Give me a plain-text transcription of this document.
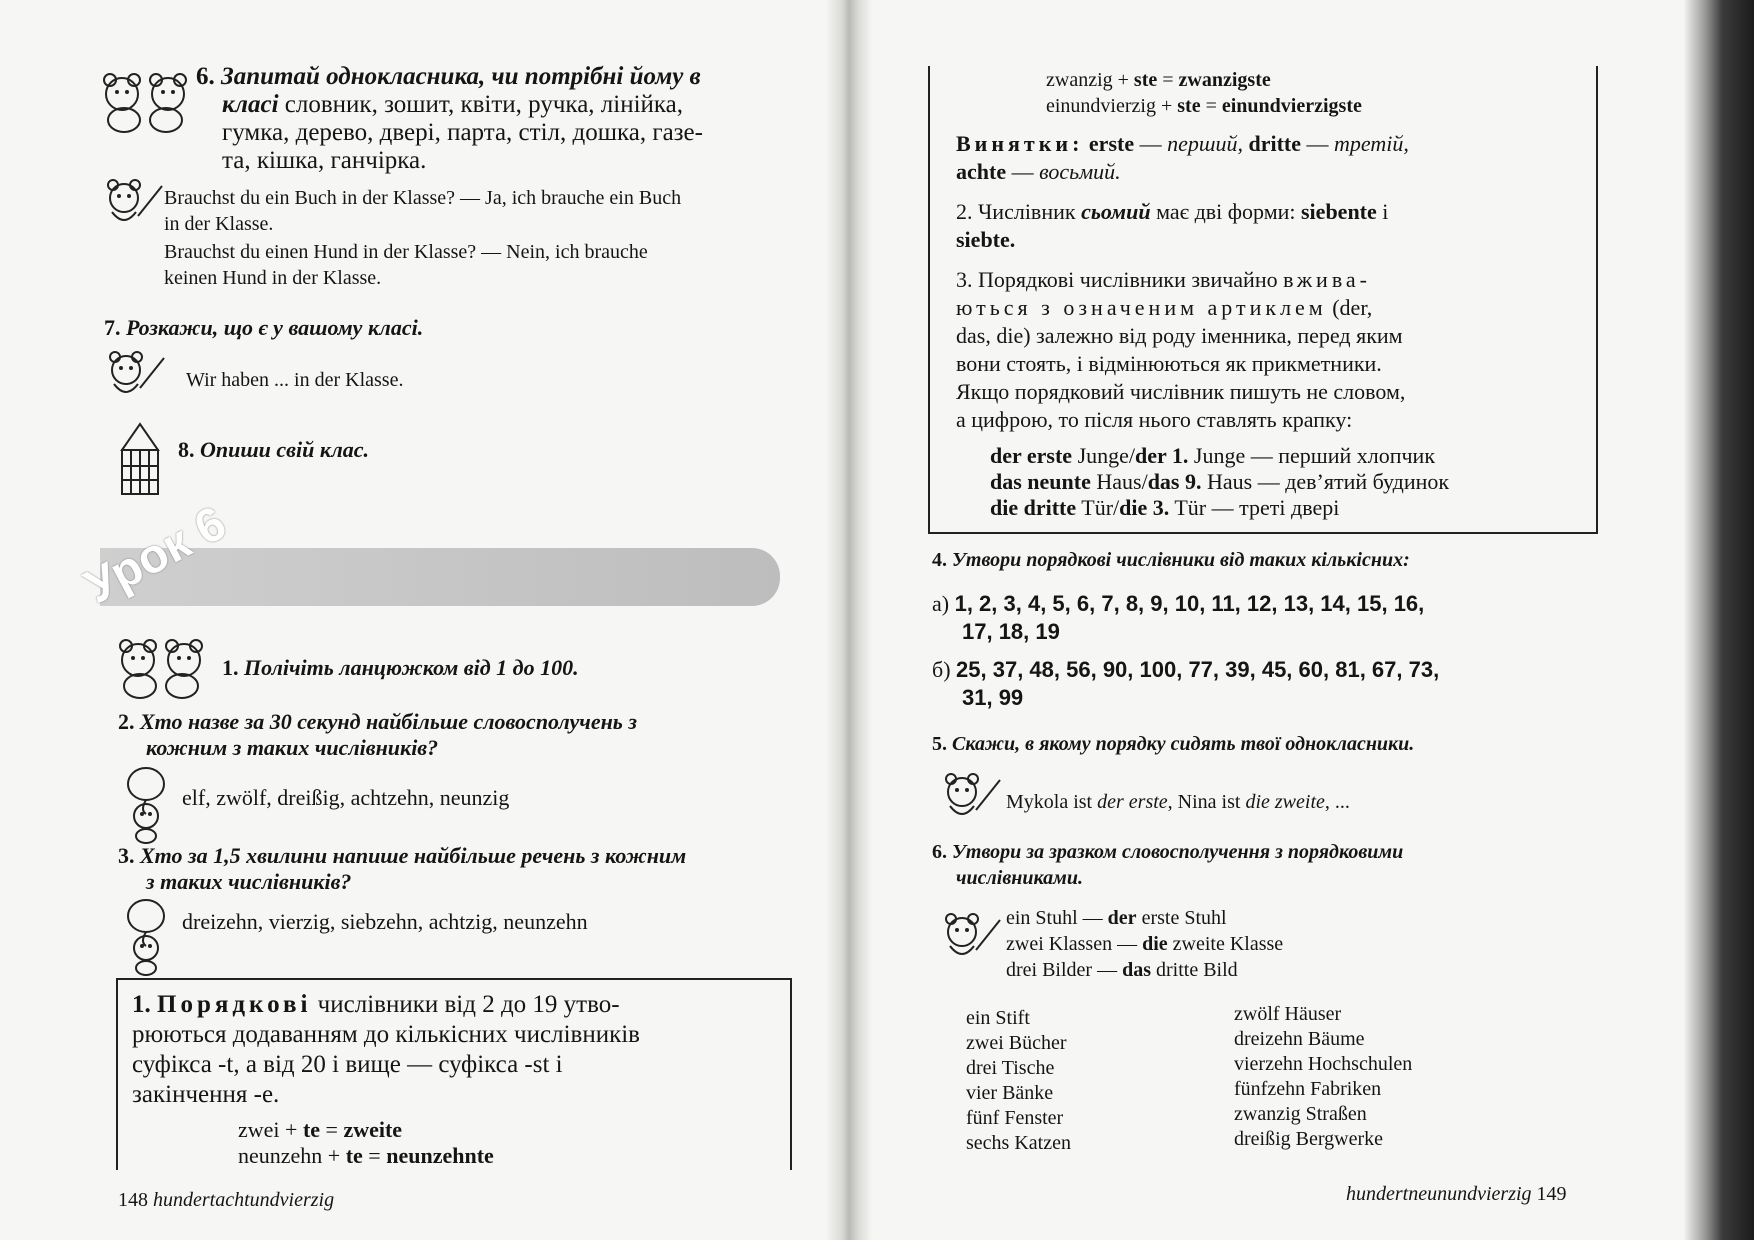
6. Запитай однокласника, чи потрібні йому в
класі словник, зошит, квіти, ручка, лінійка,
гумка, дерево, двері, парта, стіл, дошка, газе-
та, кішка, ганчірка.
Brauchst du ein Buch in der Klasse? — Ja, ich brauche ein Buch
in der Klasse.
Brauchst du einen Hund in der Klasse? — Nein, ich brauche
keinen Hund in der Klasse.
7. Розкажи, що є у вашому класі.
Wir haben ... in der Klasse.
8. Опиши свій клас.
Урок 6
1. Полічіть ланцюжком від 1 до 100.
2. Хто назве за 30 секунд найбільше словосполучень з
кожним з таких числівників?
elf, zwölf, dreißig, achtzehn, neunzig
3. Хто за 1,5 хвилини напише найбільше речень з кожним
з таких числівників?
dreizehn, vierzig, siebzehn, achtzig, neunzehn
1. Порядкові числівники від 2 до 19 утво-
рюються додаванням до кількісних числівників
суфікса -t, а від 20 і вище — суфікса -st і
закінчення -е.
zwei + te = zweite
neunzehn + te = neunzehnte
148 hundertachtundvierzig
zwanzig + ste = zwanzigste
einundvierzig + ste = einundvierzigste
Винятки: erste — перший, dritte — третій,
achte — восьмий.
2. Числівник сьомий має дві форми: siebente і
siebte.
3. Порядкові числівники звичайно вжива-
ються з означеним артиклем (der,
das, die) залежно від роду іменника, перед яким
вони стоять, і відмінюються як прикметники.
Якщо порядковий числівник пишуть не словом,
а цифрою, то після нього ставлять крапку:
der erste Junge/der 1. Junge — перший хлопчик
das neunte Haus/das 9. Haus — дев’ятий будинок
die dritte Tür/die 3. Tür — треті двері
4. Утвори порядкові числівники від таких кількісних:
а) 1, 2, 3, 4, 5, 6, 7, 8, 9, 10, 11, 12, 13, 14, 15, 16,
17, 18, 19
б) 25, 37, 48, 56, 90, 100, 77, 39, 45, 60, 81, 67, 73,
31, 99
5. Скажи, в якому порядку сидять твої однокласники.
Mykola ist der erste, Nina ist die zweite, ...
6. Утвори за зразком словосполучення з порядковими
числівниками.
ein Stuhl — der erste Stuhl
zwei Klassen — die zweite Klasse
drei Bilder — das dritte Bild
ein Stift
zwei Bücher
drei Tische
vier Bänke
fünf Fenster
sechs Katzen
zwölf Häuser
dreizehn Bäume
vierzehn Hochschulen
fünfzehn Fabriken
zwanzig Straßen
dreißig Bergwerke
hundertneunundvierzig 149
